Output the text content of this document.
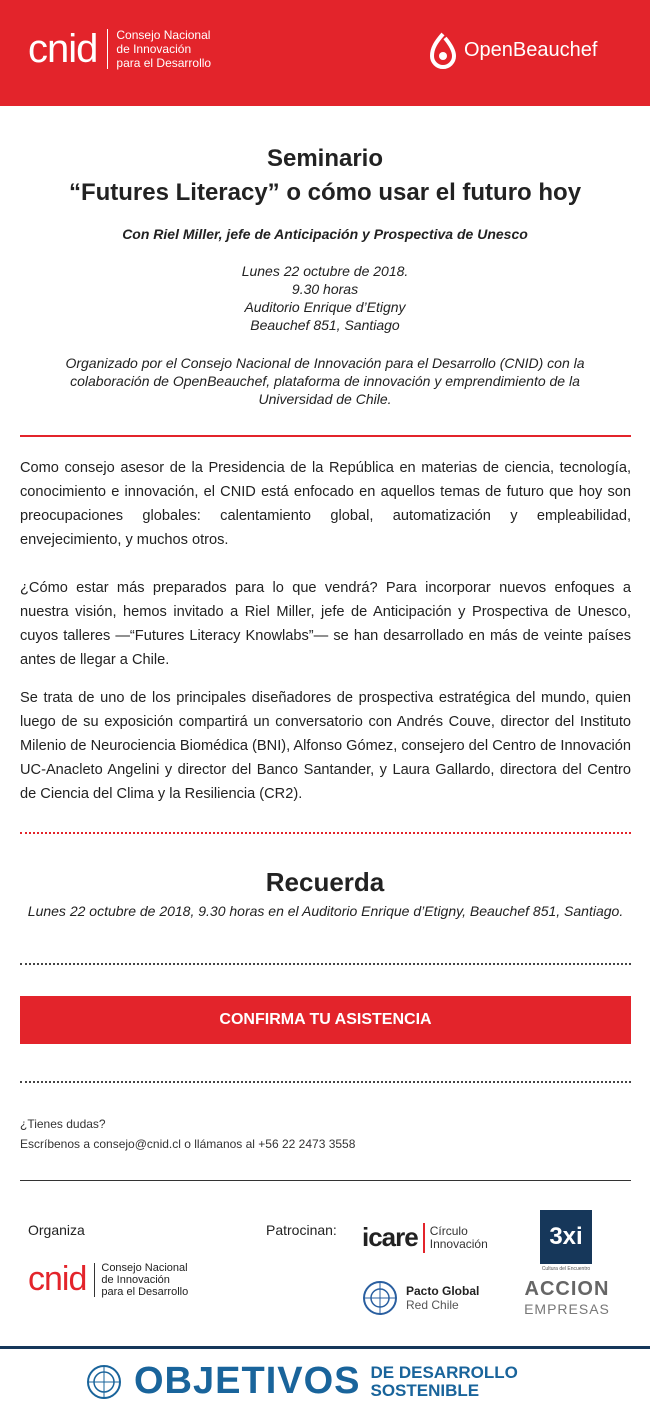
cnid Consejo Nacional
de Innovación
para el Desarrollo
OpenBeauchef
Seminario
“Futures Literacy” o cómo usar el futuro hoy
Con Riel Miller, jefe de Anticipación y Prospectiva de Unesco
Lunes 22 octubre de 2018.
9.30 horas
Auditorio Enrique d’Etigny
Beauchef 851, Santiago
Organizado por el Consejo Nacional de Innovación para el Desarrollo (CNID) con la colaboración de OpenBeauchef, plataforma de innovación y emprendimiento de la Universidad de Chile.

Como consejo asesor de la Presidencia de la República en materias de ciencia, tecnología, conocimiento e innovación, el CNID está enfocado en aquellos temas de futuro que hoy son preocupaciones globales: calentamiento global, automatización y empleabilidad, envejecimiento, y muchos otros.

¿Cómo estar más preparados para lo que vendrá? Para incorporar nuevos enfoques a nuestra visión, hemos invitado a Riel Miller, jefe de Anticipación y Prospectiva de Unesco, cuyos talleres —“Futures Literacy Knowlabs”— se han desarrollado en más de veinte países antes de llegar a Chile.

Se trata de uno de los principales diseñadores de prospectiva estratégica del mundo, quien luego de su exposición compartirá un conversatorio con Andrés Couve, director del Instituto Milenio de Neurociencia Biomédica (BNI), Alfonso Gómez, consejero del Centro de Innovación UC-Anacleto Angelini y director del Banco Santander, y Laura Gallardo, directora del Centro de Ciencia del Clima y la Resiliencia (CR2).

Recuerda
Lunes 22 octubre de 2018, 9.30 horas en el Auditorio Enrique d’Etigny, Beauchef 851, Santiago.
CONFIRMA TU ASISTENCIA
¿Tienes dudas?
Escríbenos a consejo@cnid.cl o llámanos al +56 22 2473 3558
Organiza
cnid Consejo Nacional
de Innovación
para el Desarrollo
Patrocinan: icare Círculo
Innovación	3xi
Cultura del Encuentro
Pacto Global
Red Chile
ACCION
EMPRESAS
OBJETIVOS DE DESARROLLO
SOSTENIBLE
